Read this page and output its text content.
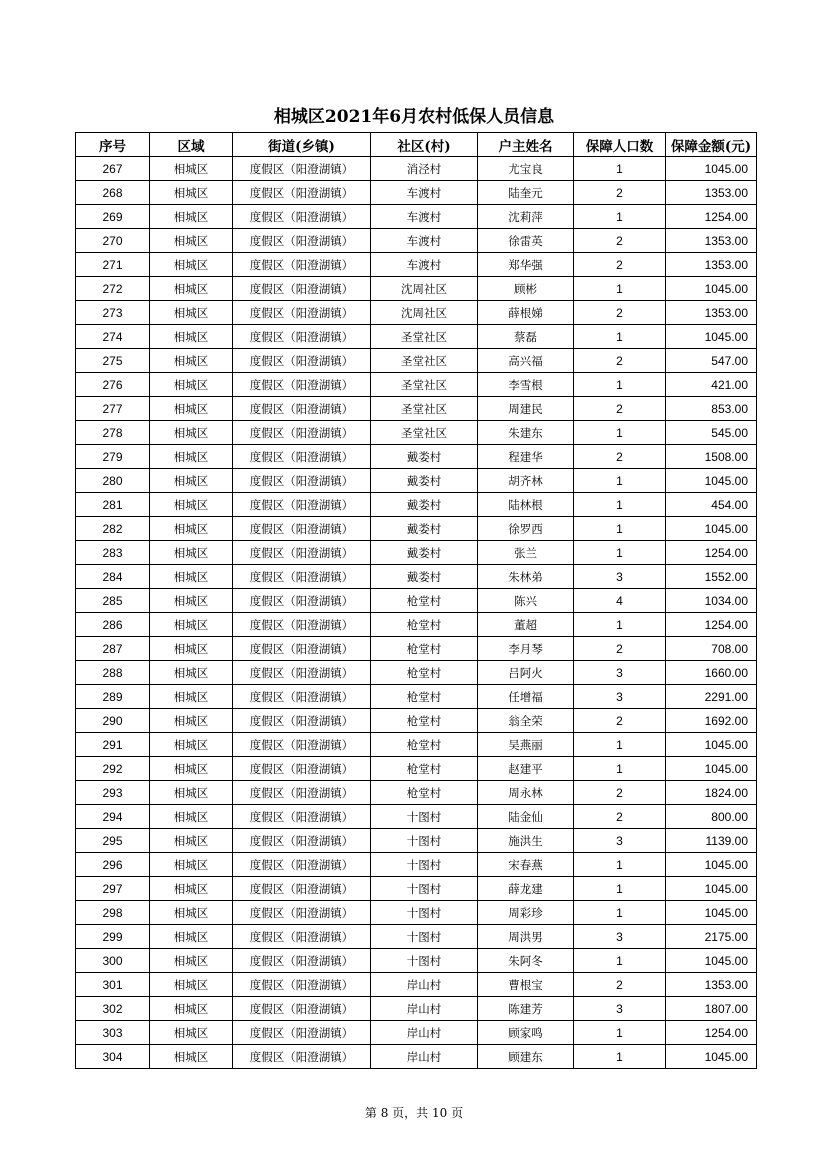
相城区2021年6月农村低保人员信息
序号	区域	街道(乡镇)	社区(村)	户主姓名	保障人口数	保障金额(元)
267	相城区	度假区（阳澄湖镇）	消泾村	尤宝良	1	1045.00
268	相城区	度假区（阳澄湖镇）	车渡村	陆奎元	2	1353.00
269	相城区	度假区（阳澄湖镇）	车渡村	沈莉萍	1	1254.00
270	相城区	度假区（阳澄湖镇）	车渡村	徐雷英	2	1353.00
271	相城区	度假区（阳澄湖镇）	车渡村	郑华强	2	1353.00
272	相城区	度假区（阳澄湖镇）	沈周社区	顾彬	1	1045.00
273	相城区	度假区（阳澄湖镇）	沈周社区	薛根娣	2	1353.00
274	相城区	度假区（阳澄湖镇）	圣堂社区	蔡磊	1	1045.00
275	相城区	度假区（阳澄湖镇）	圣堂社区	高兴福	2	547.00
276	相城区	度假区（阳澄湖镇）	圣堂社区	李雪根	1	421.00
277	相城区	度假区（阳澄湖镇）	圣堂社区	周建民	2	853.00
278	相城区	度假区（阳澄湖镇）	圣堂社区	朱建东	1	545.00
279	相城区	度假区（阳澄湖镇）	戴娄村	程建华	2	1508.00
280	相城区	度假区（阳澄湖镇）	戴娄村	胡齐林	1	1045.00
281	相城区	度假区（阳澄湖镇）	戴娄村	陆林根	1	454.00
282	相城区	度假区（阳澄湖镇）	戴娄村	徐罗西	1	1045.00
283	相城区	度假区（阳澄湖镇）	戴娄村	张兰	1	1254.00
284	相城区	度假区（阳澄湖镇）	戴娄村	朱林弟	3	1552.00
285	相城区	度假区（阳澄湖镇）	枪堂村	陈兴	4	1034.00
286	相城区	度假区（阳澄湖镇）	枪堂村	董超	1	1254.00
287	相城区	度假区（阳澄湖镇）	枪堂村	李月琴	2	708.00
288	相城区	度假区（阳澄湖镇）	枪堂村	吕阿火	3	1660.00
289	相城区	度假区（阳澄湖镇）	枪堂村	任增福	3	2291.00
290	相城区	度假区（阳澄湖镇）	枪堂村	翁全荣	2	1692.00
291	相城区	度假区（阳澄湖镇）	枪堂村	吴燕丽	1	1045.00
292	相城区	度假区（阳澄湖镇）	枪堂村	赵建平	1	1045.00
293	相城区	度假区（阳澄湖镇）	枪堂村	周永林	2	1824.00
294	相城区	度假区（阳澄湖镇）	十图村	陆金仙	2	800.00
295	相城区	度假区（阳澄湖镇）	十图村	施洪生	3	1139.00
296	相城区	度假区（阳澄湖镇）	十图村	宋春燕	1	1045.00
297	相城区	度假区（阳澄湖镇）	十图村	薛龙建	1	1045.00
298	相城区	度假区（阳澄湖镇）	十图村	周彩珍	1	1045.00
299	相城区	度假区（阳澄湖镇）	十图村	周洪男	3	2175.00
300	相城区	度假区（阳澄湖镇）	十图村	朱阿冬	1	1045.00
301	相城区	度假区（阳澄湖镇）	岸山村	曹根宝	2	1353.00
302	相城区	度假区（阳澄湖镇）	岸山村	陈建芳	3	1807.00
303	相城区	度假区（阳澄湖镇）	岸山村	顾家鸣	1	1254.00
304	相城区	度假区（阳澄湖镇）	岸山村	顾建东	1	1045.00
第 8 页，共 10 页
